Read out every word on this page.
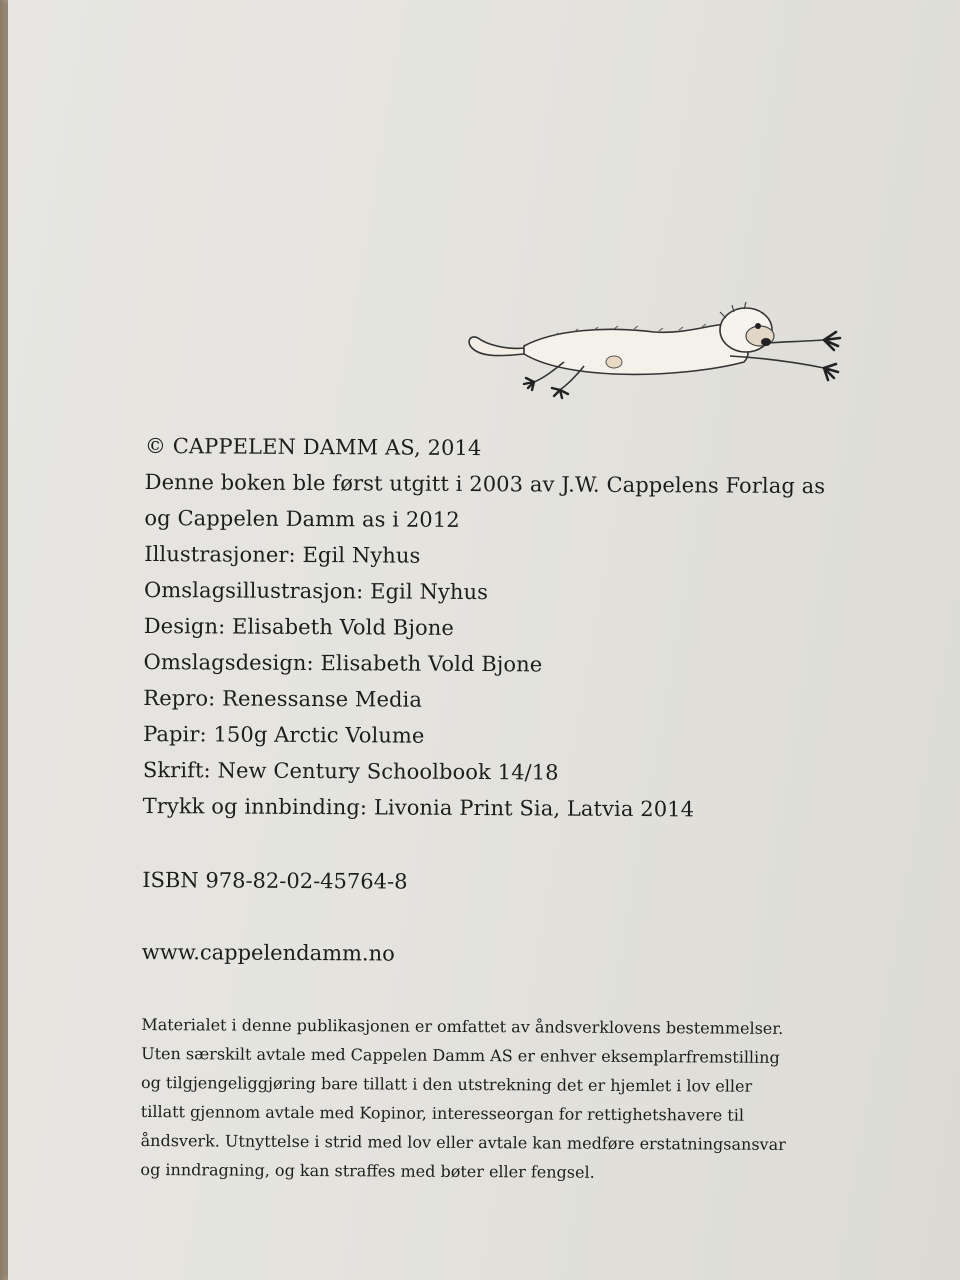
© CAPPELEN DAMM AS, 2014
Denne boken ble først utgitt i 2003 av J.W. Cappelens Forlag as
og Cappelen Damm as i 2012
Illustrasjoner: Egil Nyhus
Omslagsillustrasjon: Egil Nyhus
Design: Elisabeth Vold Bjone
Omslagsdesign: Elisabeth Vold Bjone
Repro: Renessanse Media
Papir: 150g Arctic Volume
Skrift: New Century Schoolbook 14/18
Trykk og innbinding: Livonia Print Sia, Latvia 2014
ISBN 978-82-02-45764-8
www.cappelendamm.no
Materialet i denne publikasjonen er omfattet av åndsverklovens bestemmelser.
Uten særskilt avtale med Cappelen Damm AS er enhver eksemplarfremstilling
og tilgjengeliggjøring bare tillatt i den utstrekning det er hjemlet i lov eller
tillatt gjennom avtale med Kopinor, interesseorgan for rettighetshavere til
åndsverk. Utnyttelse i strid med lov eller avtale kan medføre erstatningsansvar
og inndragning, og kan straffes med bøter eller fengsel.
